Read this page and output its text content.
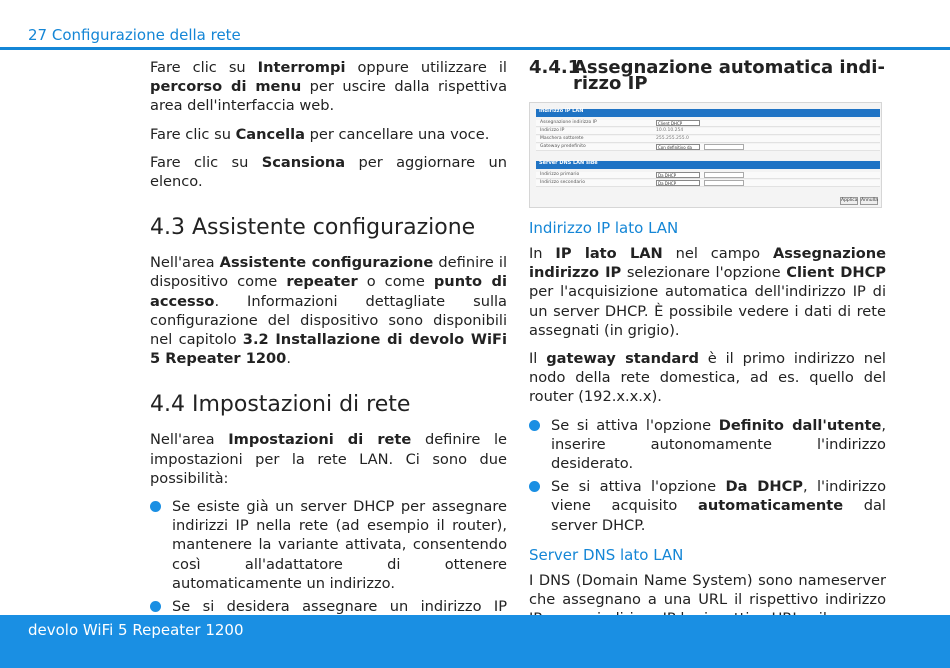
27 Configurazione della rete

Fare clic su Interrompi oppure utilizzare il percorso di menu per uscire dalla rispettiva area dell'interfaccia web.

Fare clic su Cancella per cancellare una voce.

Fare clic su Scansiona per aggiornare un elenco.

4.3 Assistente configurazione

Nell'area Assistente configurazione definire il dispositivo come repeater o come punto di accesso. Informazioni dettagliate sulla configurazione del dispositivo sono disponibili nel capitolo 3.2 Installazione di devolo WiFi 5 Repeater 1200.

4.4 Impostazioni di rete

Nell'area Impostazioni di rete definire le impostazioni per la rete LAN. Ci sono due possibilità:

Se esiste già un server DHCP per assegnare indirizzi IP nella rete (ad esempio il router), mantenere la variante attivata, consentendo così all'adattatore di ottenere automaticamente un indirizzo.
Se si desidera assegnare un indirizzo IP
4.4.1Assegnazione automatica indi-
rizzo IP
Indirizzo IP LAN
Assegnazione indirizzo IP	Client DHCP
Indirizzo IP	10.0.10.254
Maschera sottorete	255.255.255.0
Gateway predefinito	Con definitivo da
Server DNS LAN side
Indirizzo primario	Da DHCP
Indirizzo secondario	Da DHCP
Applica Annulla
Indirizzo IP lato LAN

In IP lato LAN nel campo Assegnazione indirizzo IP selezionare l'opzione Client DHCP per l'acquisizione automatica dell'indirizzo IP di un server DHCP. È possibile vedere i dati di rete assegnati (in grigio).

Il gateway standard è il primo indirizzo nel nodo della rete domestica, ad es. quello del router (192.x.x.x).

Se si attiva l'opzione Definito dall'utente, inserire autonomamente l'indirizzo desiderato.
Se si attiva l'opzione Da DHCP, l'indirizzo viene acquisito automaticamente dal server DHCP.
Server DNS lato LAN

I DNS (Domain Name System) sono nameserver che assegnano a una URL il rispettivo indirizzo

devolo WiFi 5 Repeater 1200
